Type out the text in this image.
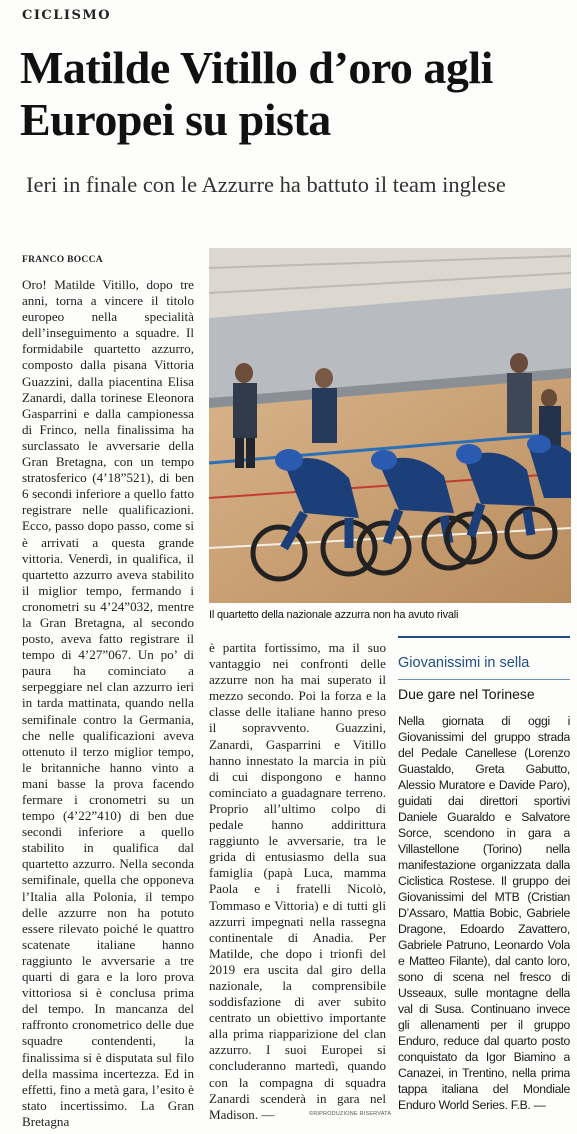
CICLISMO
Matilde Vitillo d’oro agli Europei su pista
Ieri in finale con le Azzurre ha battuto il team inglese
FRANCO BOCCA
Oro! Matilde Vitillo, dopo tre anni, torna a vincere il titolo europeo nella specialità dell’inseguimento a squadre. Il formidabile quartetto azzurro, composto dalla pisana Vittoria Guazzini, dalla piacentina Elisa Zanardi, dalla torinese Eleonora Gasparrini e dalla campionessa di Frinco, nella finalissima ha surclassato le avversarie della Gran Bretagna, con un tempo stratosferico (4’18”521), di ben 6 secondi inferiore a quello fatto registrare nelle qualificazioni. Ecco, passo dopo passo, come si è arrivati a questa grande vittoria. Venerdì, in qualifica, il quartetto azzurro aveva stabilito il miglior tempo, fermando i cronometri su 4’24”032, mentre la Gran Bretagna, al secondo posto, aveva fatto registrare il tempo di 4’27”067. Un po’ di paura ha cominciato a serpeggiare nel clan azzurro ieri in tarda mattinata, quando nella semifinale contro la Germania, che nelle qualificazioni aveva ottenuto il terzo miglior tempo, le britanniche hanno vinto a mani basse la prova facendo fermare i cronometri su un tempo (4’22”410) di ben due secondi inferiore a quello stabilito in qualifica dal quartetto azzurro. Nella seconda semifinale, quella che opponeva l’Italia alla Polonia, il tempo delle azzurre non ha potuto essere rilevato poiché le quattro scatenate italiane hanno raggiunto le avversarie a tre quarti di gara e la loro prova vittoriosa si è conclusa prima del tempo. In mancanza del raffronto cronometrico delle due squadre contendenti, la finalissima si è disputata sul filo della massima incertezza. Ed in effetti, fino a metà gara, l’esito è stato incertissimo. La Gran Bretagna
Il quartetto della nazionale azzurra non ha avuto rivali
è partita fortissimo, ma il suo vantaggio nei confronti delle azzurre non ha mai superato il mezzo secondo. Poi la forza e la classe delle italiane hanno preso il sopravvento. Guazzini, Zanardi, Gasparrini e Vitillo hanno innestato la marcia in più di cui dispongono e hanno cominciato a guadagnare terreno. Proprio all’ultimo colpo di pedale hanno addirittura raggiunto le avversarie, tra le grida di entusiasmo della sua famiglia (papà Luca, mamma Paola e i fratelli Nicolò, Tommaso e Vittoria) e di tutti gli azzurri impegnati nella rassegna continentale di Anadia. Per Matilde, che dopo i trionfi del 2019 era uscita dal giro della nazionale, la comprensibile soddisfazione di aver subito centrato un obiettivo importante alla prima riapparizione del clan azzurro. I suoi Europei si concluderanno martedì, quando con la compagna di squadra Zanardi scenderà in gara nel Madison. —
Giovanissimi in sella
Due gare nel Torinese
Nella giornata di oggi i Giovanissimi del gruppo strada del Pedale Canellese (Lorenzo Guastaldo, Greta Gabutto, Alessio Muratore e Davide Paro), guidati dai direttori sportivi Daniele Guaraldo e Salvatore Sorce, scendono in gara a Villastellone (Torino) nella manifestazione organizzata dalla Ciclistica Rostese. Il gruppo dei Giovanissimi del MTB (Cristian D’Assaro, Mattia Bobic, Gabriele Dragone, Edoardo Zavattero, Gabriele Patruno, Leonardo Vola e Matteo Filante), dal canto loro, sono di scena nel fresco di Usseaux, sulle montagne della val di Susa. Continuano invece gli allenamenti per il gruppo Enduro, reduce dal quarto posto conquistato da Igor Biamino a Canazei, in Trentino, nella prima tappa italiana del Mondiale Enduro World Series. F.B. —
©RIPRODUZIONE RISERVATA
